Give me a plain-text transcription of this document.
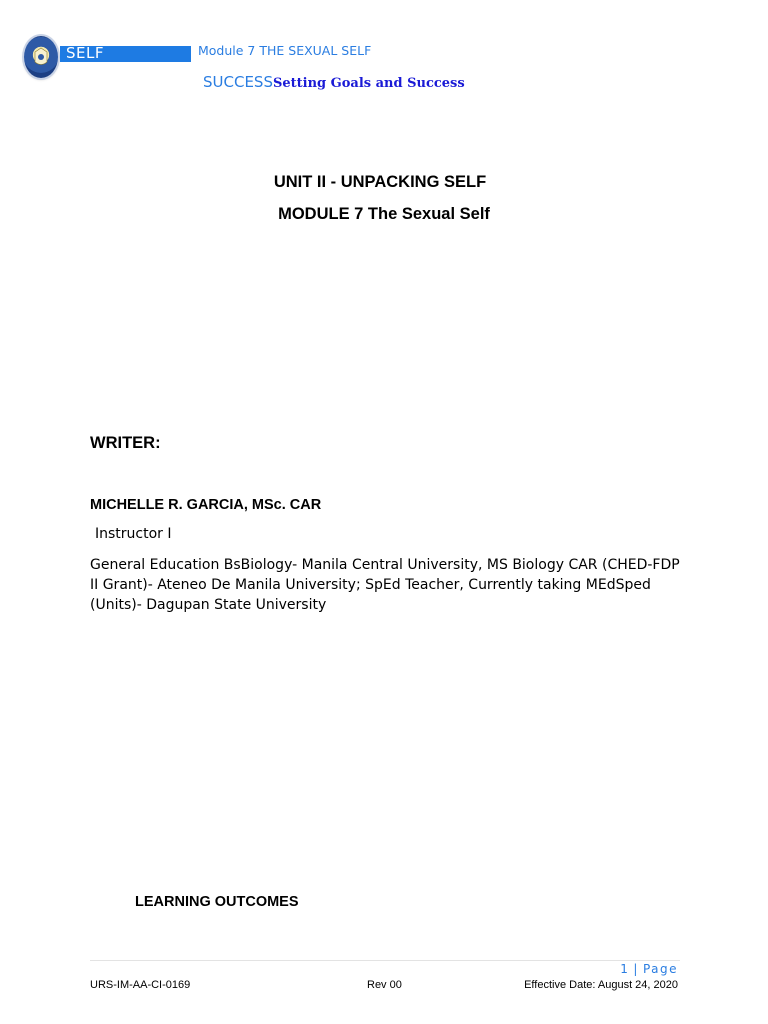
SELF	Module 7 THE SEXUAL SELF
SUCCESSSetting Goals and Success
UNIT II - UNPACKING SELF
MODULE 7 The Sexual Self
WRITER:
MICHELLE R. GARCIA, MSc. CAR
Instructor I
General Education BsBiology- Manila Central University, MS Biology CAR (CHED-FDP II Grant)- Ateneo De Manila University; SpEd Teacher, Currently taking MEdSped (Units)- Dagupan State University
LEARNING OUTCOMES
1 | Page
URS-IM-AA-CI-0169	Rev 00	Effective Date: August 24, 2020
